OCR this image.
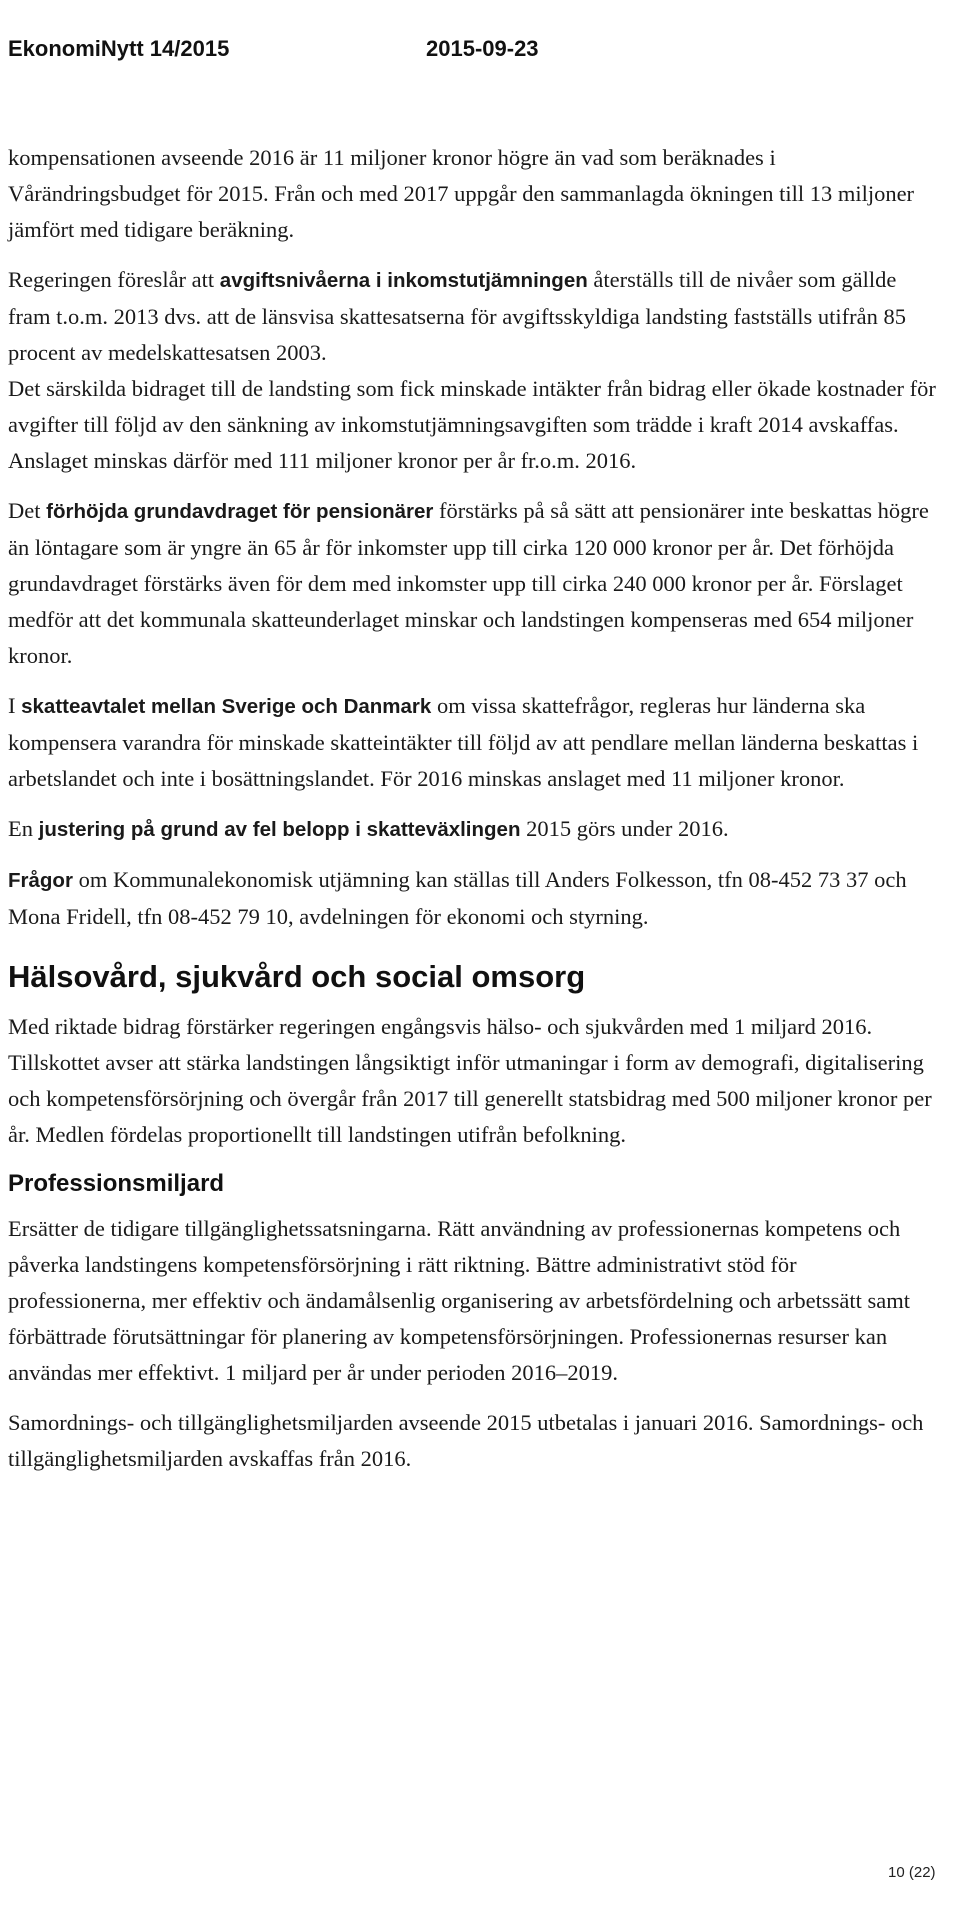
EkonomiNytt 14/2015	2015-09-23

kompensationen avseende 2016 är 11 miljoner kronor högre än vad som beräknades i Vårändringsbudget för 2015. Från och med 2017 uppgår den sammanlagda ökningen till 13 miljoner jämfört med tidigare beräkning.

Regeringen föreslår att avgiftsnivåerna i inkomstutjämningen återställs till de nivåer som gällde fram t.o.m. 2013 dvs. att de länsvisa skattesatserna för avgiftsskyldiga landsting fastställs utifrån 85 procent av medelskattesatsen 2003.

Det särskilda bidraget till de landsting som fick minskade intäkter från bidrag eller ökade kostnader för avgifter till följd av den sänkning av inkomstutjämningsavgiften som trädde i kraft 2014 avskaffas. Anslaget minskas därför med 111 miljoner kronor per år fr.o.m. 2016.

Det förhöjda grundavdraget för pensionärer förstärks på så sätt att pensionärer inte beskattas högre än löntagare som är yngre än 65 år för inkomster upp till cirka 120 000 kronor per år. Det förhöjda grundavdraget förstärks även för dem med inkomster upp till cirka 240 000 kronor per år. Förslaget medför att det kommunala skatteunderlaget minskar och landstingen kompenseras med 654 miljoner kronor.

I skatteavtalet mellan Sverige och Danmark om vissa skattefrågor, regleras hur länderna ska kompensera varandra för minskade skatteintäkter till följd av att pendlare mellan länderna beskattas i arbetslandet och inte i bosättningslandet. För 2016 minskas anslaget med 11 miljoner kronor.

En justering på grund av fel belopp i skatteväxlingen 2015 görs under 2016.

Frågor om Kommunalekonomisk utjämning kan ställas till Anders Folkesson, tfn 08-452 73 37 och Mona Fridell, tfn 08-452 79 10, avdelningen för ekonomi och styrning.

Hälsovård, sjukvård och social omsorg

Med riktade bidrag förstärker regeringen engångsvis hälso- och sjukvården med 1 miljard 2016. Tillskottet avser att stärka landstingen långsiktigt inför utmaningar i form av demografi, digitalisering och kompetensförsörjning och övergår från 2017 till generellt statsbidrag med 500 miljoner kronor per år. Medlen fördelas proportionellt till landstingen utifrån befolkning.

Professionsmiljard

Ersätter de tidigare tillgänglighetssatsningarna. Rätt användning av professionernas kompetens och påverka landstingens kompetensförsörjning i rätt riktning. Bättre administrativt stöd för professionerna, mer effektiv och ändamålsenlig organisering av arbetsfördelning och arbetssätt samt förbättrade förutsättningar för planering av kompetensförsörjningen. Professionernas resurser kan användas mer effektivt. 1 miljard per år under perioden 2016–2019.

Samordnings- och tillgänglighetsmiljarden avseende 2015 utbetalas i januari 2016. Samordnings- och tillgänglighetsmiljarden avskaffas från 2016.

10 (22)
